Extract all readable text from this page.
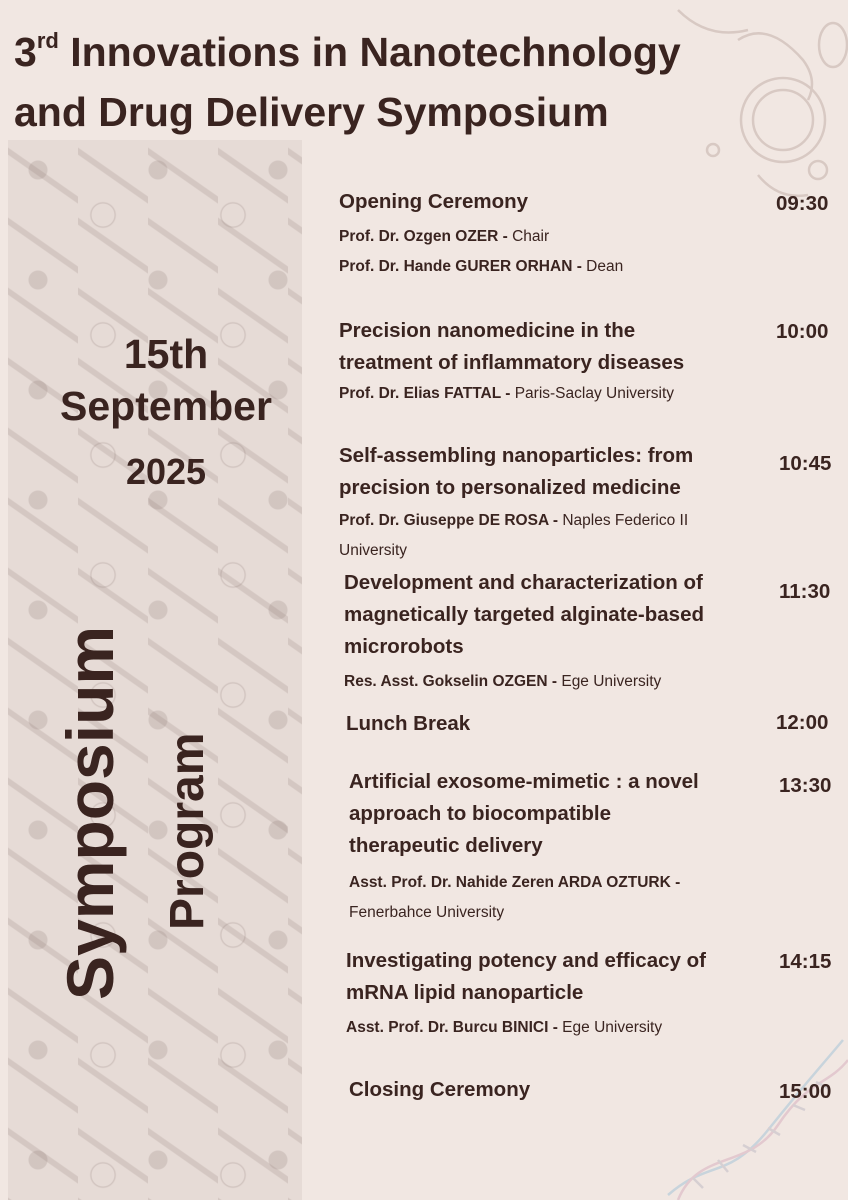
3rd Innovations in Nanotechnology
and Drug Delivery Symposium
15th
September
2025
Symposium Program
Opening Ceremony
Prof. Dr. Ozgen OZER - Chair
Prof. Dr. Hande GURER ORHAN - Dean
09:30
Precision nanomedicine in the
treatment of inflammatory diseases
Prof. Dr. Elias FATTAL - Paris-Saclay University
10:00
Self-assembling nanoparticles: from
precision to personalized medicine
Prof. Dr. Giuseppe DE ROSA - Naples Federico II University
10:45
Development and characterization of
magnetically targeted alginate-based
microrobots
Res. Asst. Gokselin OZGEN - Ege University
11:30
Lunch Break	12:00
Artificial exosome-mimetic : a novel
approach to biocompatible
therapeutic delivery
Asst. Prof. Dr. Nahide Zeren ARDA OZTURK -
Fenerbahce University
13:30
Investigating potency and efficacy of
mRNA lipid nanoparticle
Asst. Prof. Dr. Burcu BINICI - Ege University
14:15
Closing Ceremony	15:00
